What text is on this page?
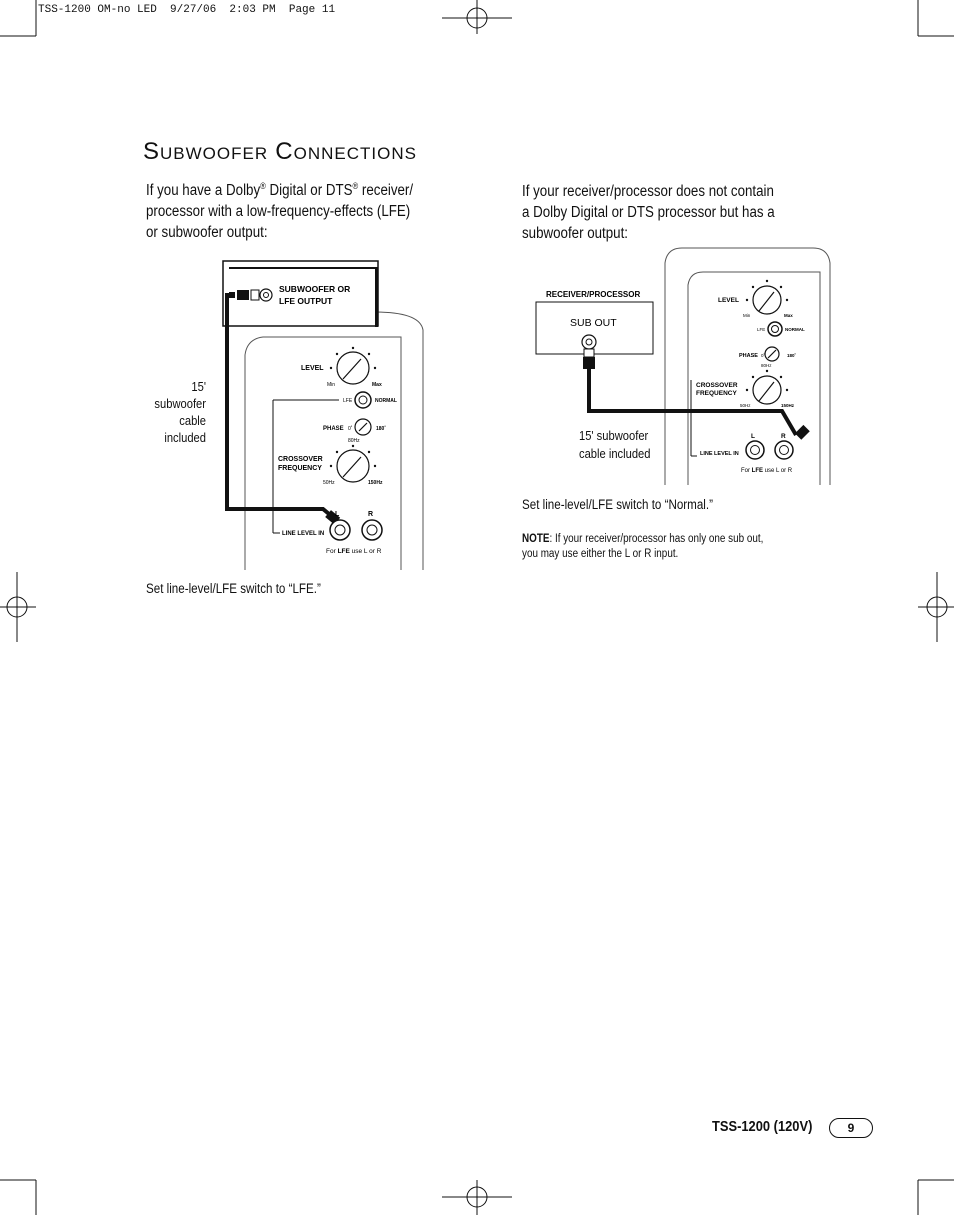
TSS-1200 OM-no LED  9/27/06  2:03 PM  Page 11
SUBWOOFER CONNECTIONS
If you have a Dolby® Digital or DTS® receiver/
processor with a low-frequency-effects (LFE)
or subwoofer output:
15'
subwoofer
cable
included
SUBWOOFER OR
LFE OUTPUT
LEVEL
Min	Max
LFE	NORMAL
PHASE 0˚	180˚
80Hz
CROSSOVER
FREQUENCY
50Hz	150Hz
L	R
LINE LEVEL IN
For LFE use L or R
Set line-level/LFE switch to “LFE.”
If your receiver/processor does not contain
a Dolby Digital or DTS processor but has a
subwoofer output:
RECEIVER/PROCESSOR
SUB OUT
LEVEL
Min	Max
LFE	NORMAL
PHASE 0˚	180˚
80Hz
CROSSOVER
FREQUENCY
50Hz	150Hz
L	R
LINE LEVEL IN
For LFE use L or R
15' subwoofer
cable included
Set line-level/LFE switch to “Normal.”
NOTE: If your receiver/processor has only one sub out,
you may use either the L or R input.
TSS-1200 (120V)	9
